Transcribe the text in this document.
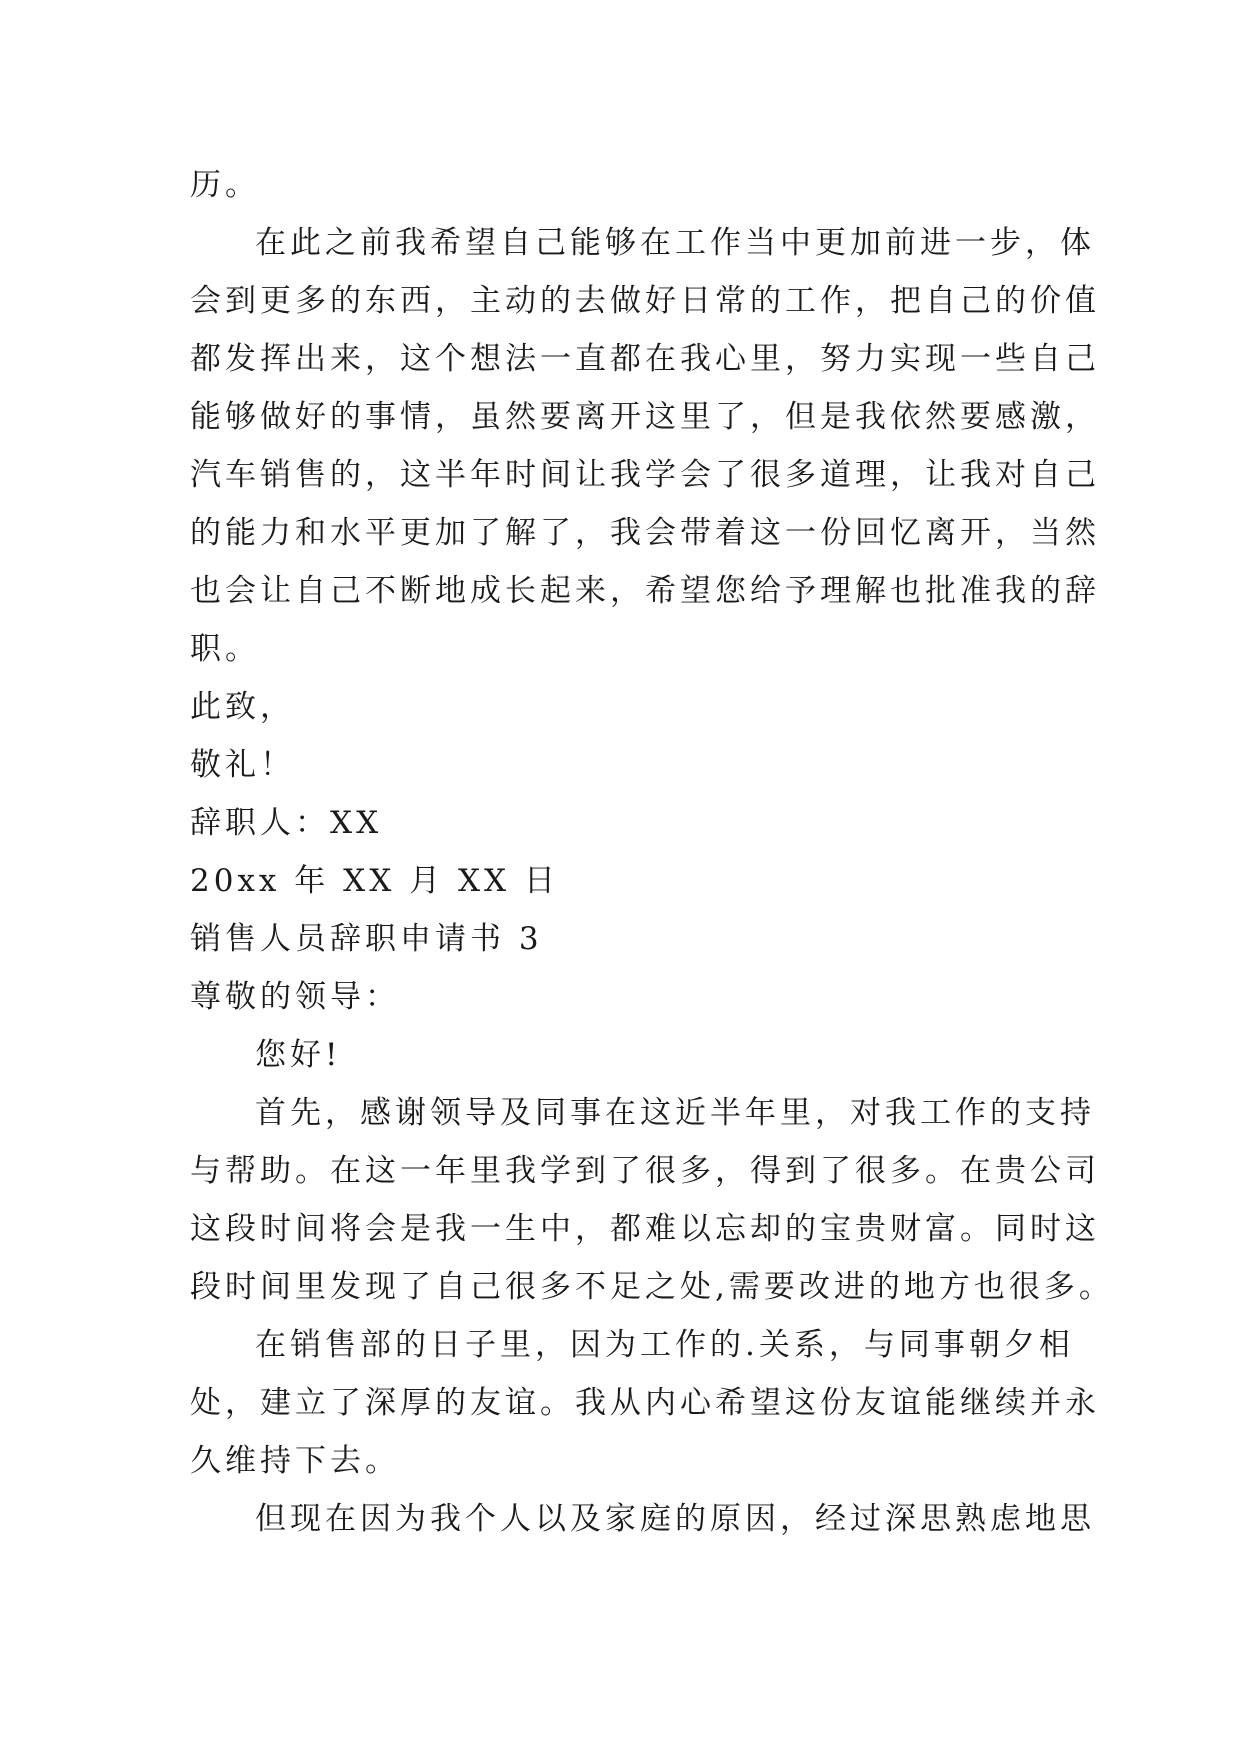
历。
在此之前我希望自己能够在工作当中更加前进一步，体
会到更多的东西，主动的去做好日常的工作，把自己的价值
都发挥出来，这个想法一直都在我心里，努力实现一些自己
能够做好的事情，虽然要离开这里了，但是我依然要感激，
汽车销售的，这半年时间让我学会了很多道理，让我对自己
的能力和水平更加了解了，我会带着这一份回忆离开，当然
也会让自己不断地成长起来，希望您给予理解也批准我的辞
职。
此致，
敬礼！
辞职人：XX
20xx 年 XX 月 XX 日
销售人员辞职申请书 3
尊敬的领导：
您好!
首先，感谢领导及同事在这近半年里，对我工作的支持
与帮助。在这一年里我学到了很多，得到了很多。在贵公司
这段时间将会是我一生中，都难以忘却的宝贵财富。同时这
段时间里发现了自己很多不足之处,需要改进的地方也很多。
在销售部的日子里，因为工作的.关系，与同事朝夕相
处，建立了深厚的友谊。我从内心希望这份友谊能继续并永
久维持下去。
但现在因为我个人以及家庭的原因，经过深思熟虑地思
